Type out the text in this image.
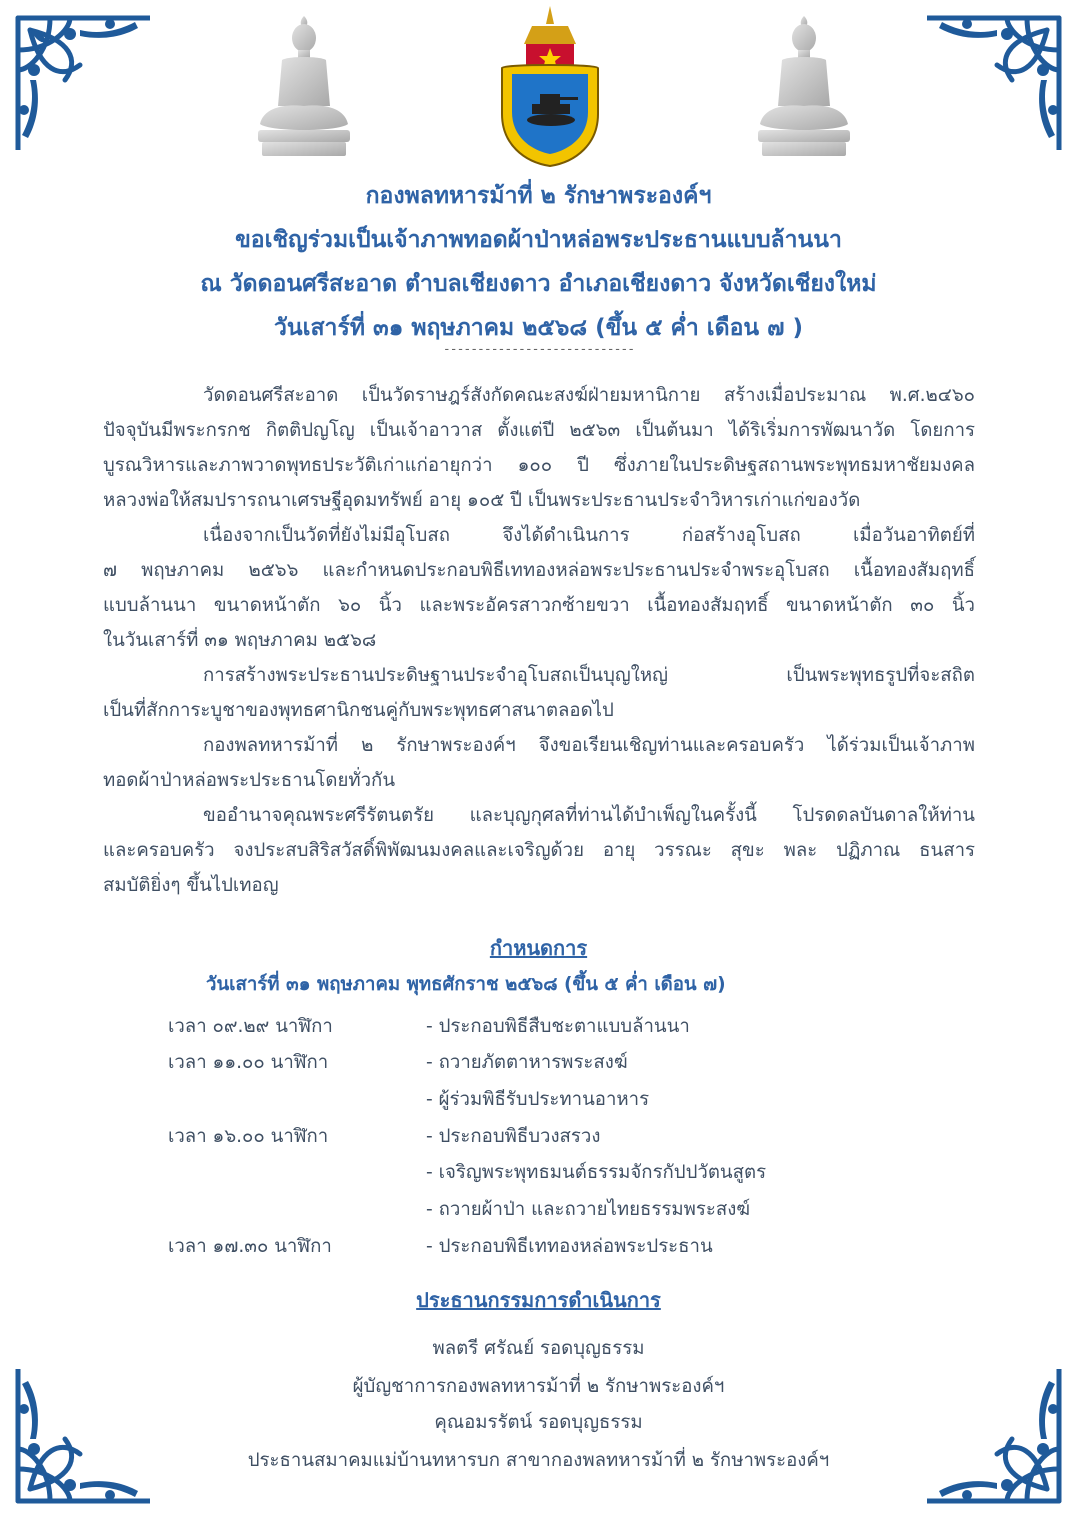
กองพลทหารม้าที่ ๒ รักษาพระองค์ฯ
ขอเชิญร่วมเป็นเจ้าภาพทอดผ้าป่าหล่อพระประธานแบบล้านนา
ณ วัดดอนศรีสะอาด ตำบลเชียงดาว อำเภอเชียงดาว จังหวัดเชียงใหม่
วันเสาร์ที่ ๓๑ พฤษภาคม ๒๕๖๘ (ขึ้น ๕ ค่ำ เดือน ๗ )
----------------------------
วัดดอนศรีสะอาด เป็นวัดราษฎร์สังกัดคณะสงฆ์ฝ่ายมหานิกาย สร้างเมื่อประมาณ พ.ศ.๒๔๖๐
ปัจจุบันมีพระกรกช กิตติปญโญ เป็นเจ้าอาวาส ตั้งแต่ปี ๒๕๖๓ เป็นต้นมา ได้ริเริ่มการพัฒนาวัด โดยการ
บูรณวิหารและภาพวาดพุทธประวัติเก่าแก่อายุกว่า ๑๐๐ ปี ซึ่งภายในประดิษฐสถานพระพุทธมหาชัยมงคล
หลวงพ่อให้สมปรารถนาเศรษฐีอุดมทรัพย์ อายุ ๑๐๕ ปี เป็นพระประธานประจำวิหารเก่าแก่ของวัด
เนื่องจากเป็นวัดที่ยังไม่มีอุโบสถ จึงได้ดำเนินการ ก่อสร้างอุโบสถ เมื่อวันอาทิตย์ที่
๗ พฤษภาคม ๒๕๖๖ และกำหนดประกอบพิธีเททองหล่อพระประธานประจำพระอุโบสถ เนื้อทองสัมฤทธิ์
แบบล้านนา ขนาดหน้าตัก ๖๐ นิ้ว และพระอัครสาวกซ้ายขวา เนื้อทองสัมฤทธิ์ ขนาดหน้าตัก ๓๐ นิ้ว
ในวันเสาร์ที่ ๓๑ พฤษภาคม ๒๕๖๘
การสร้างพระประธานประดิษฐานประจำอุโบสถเป็นบุญใหญ่ เป็นพระพุทธรูปที่จะสถิต
เป็นที่สักการะบูชาของพุทธศานิกชนคู่กับพระพุทธศาสนาตลอดไป
กองพลทหารม้าที่ ๒ รักษาพระองค์ฯ จึงขอเรียนเชิญท่านและครอบครัว ได้ร่วมเป็นเจ้าภาพ
ทอดผ้าป่าหล่อพระประธานโดยทั่วกัน
ขออำนาจคุณพระศรีรัตนตรัย และบุญกุศลที่ท่านได้บำเพ็ญในครั้งนี้ โปรดดลบันดาลให้ท่าน
และครอบครัว จงประสบสิริสวัสดิ์พิพัฒนมงคลและเจริญด้วย อายุ วรรณะ สุขะ พละ ปฏิภาณ ธนสาร
สมบัติยิ่งๆ ขึ้นไปเทอญ
กำหนดการ
วันเสาร์ที่ ๓๑ พฤษภาคม พุทธศักราช ๒๕๖๘ (ขึ้น ๕ ค่ำ เดือน ๗)
เวลา ๐๙.๒๙ นาฬิกา	- ประกอบพิธีสืบชะตาแบบล้านนา
เวลา ๑๑.๐๐ นาฬิกา	- ถวายภัตตาหารพระสงฆ์
- ผู้ร่วมพิธีรับประทานอาหาร
เวลา ๑๖.๐๐ นาฬิกา	- ประกอบพิธีบวงสรวง
- เจริญพระพุทธมนต์ธรรมจักรกัปปวัตนสูตร
- ถวายผ้าป่า และถวายไทยธรรมพระสงฆ์
เวลา ๑๗.๓๐ นาฬิกา	- ประกอบพิธีเททองหล่อพระประธาน
ประธานกรรมการดำเนินการ
พลตรี ศรัณย์ รอดบุญธรรม
ผู้บัญชาการกองพลทหารม้าที่ ๒ รักษาพระองค์ฯ
คุณอมรรัตน์ รอดบุญธรรม
ประธานสมาคมแม่บ้านทหารบก สาขากองพลทหารม้าที่ ๒ รักษาพระองค์ฯ
